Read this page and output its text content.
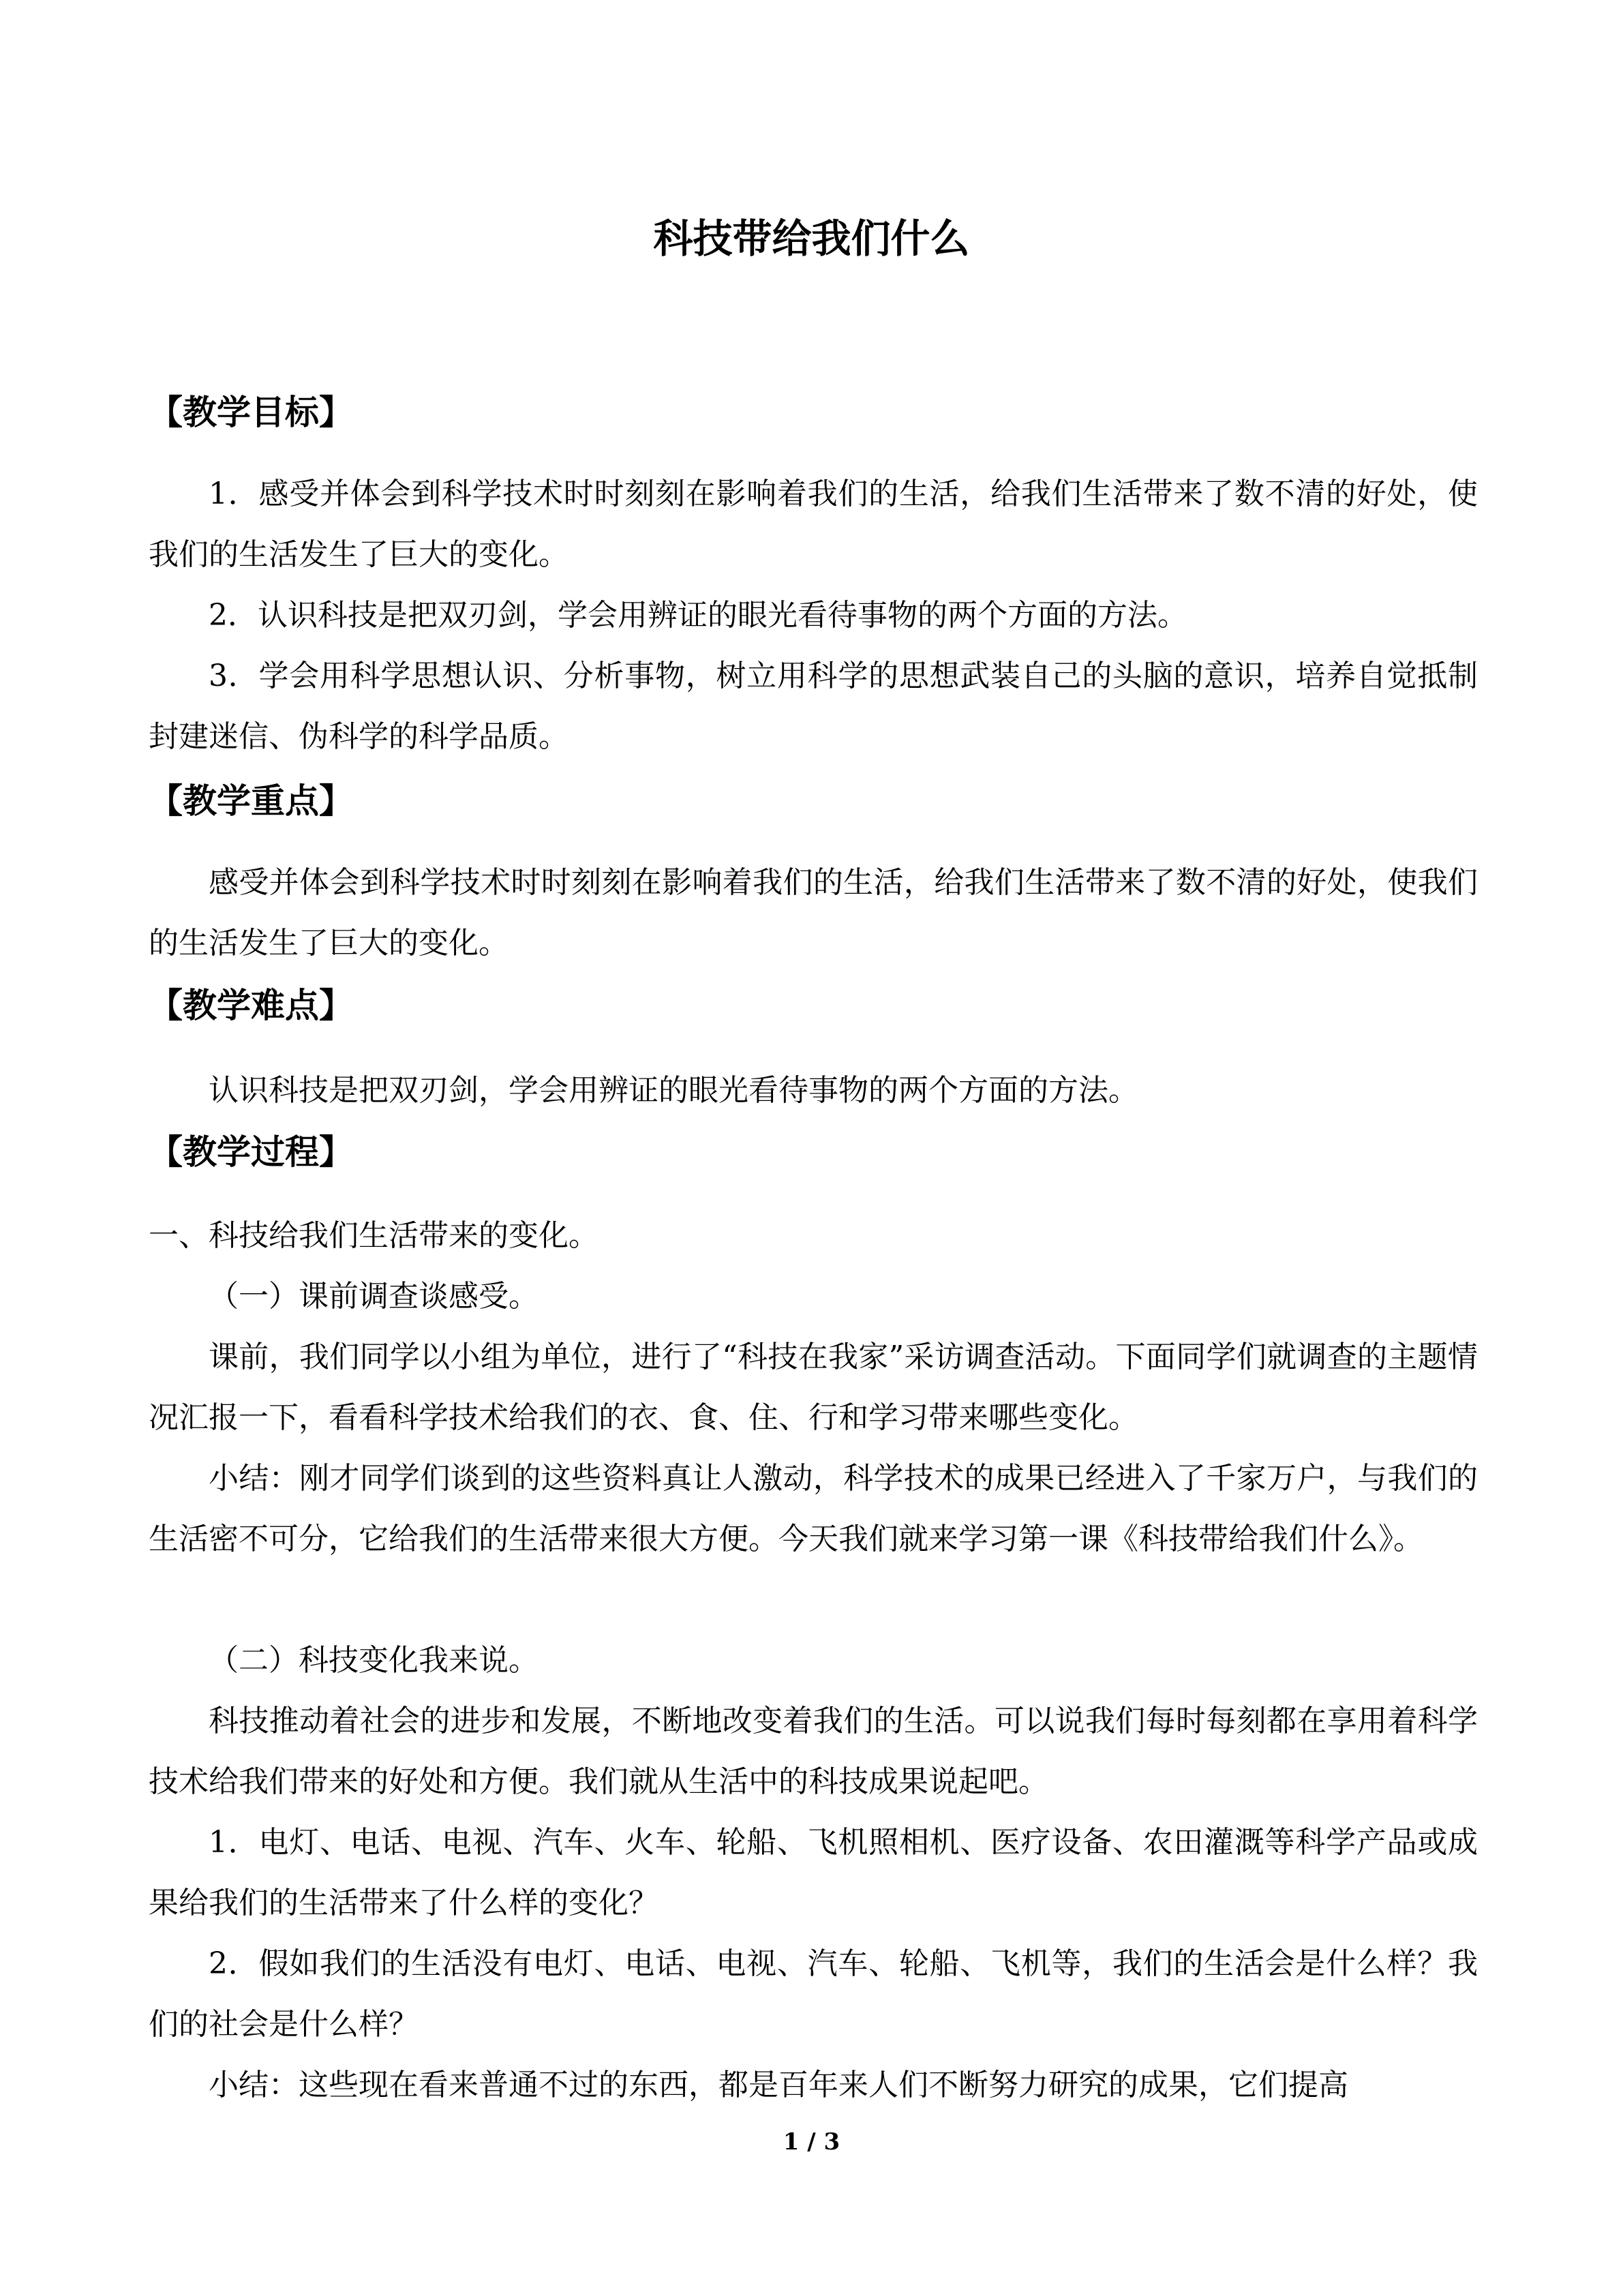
科技带给我们什么
【教学目标】

1．感受并体会到科学技术时时刻刻在影响着我们的生活，给我们生活带来了数不清的好处，使我们的生活发生了巨大的变化。

2．认识科技是把双刃剑，学会用辨证的眼光看待事物的两个方面的方法。

3．学会用科学思想认识、分析事物，树立用科学的思想武装自己的头脑的意识，培养自觉抵制封建迷信、伪科学的科学品质。

【教学重点】

感受并体会到科学技术时时刻刻在影响着我们的生活，给我们生活带来了数不清的好处，使我们的生活发生了巨大的变化。

【教学难点】

认识科技是把双刃剑，学会用辨证的眼光看待事物的两个方面的方法。

【教学过程】

一、科技给我们生活带来的变化。

（一）课前调查谈感受。

课前，我们同学以小组为单位，进行了“科技在我家”采访调查活动。下面同学们就调查的主题情况汇报一下，看看科学技术给我们的衣、食、住、行和学习带来哪些变化。

小结：刚才同学们谈到的这些资料真让人激动，科学技术的成果已经进入了千家万户，与我们的生活密不可分，它给我们的生活带来很大方便。今天我们就来学习第一课《科技带给我们什么》。

（二）科技变化我来说。

科技推动着社会的进步和发展，不断地改变着我们的生活。可以说我们每时每刻都在享用着科学技术给我们带来的好处和方便。我们就从生活中的科技成果说起吧。

1．电灯、电话、电视、汽车、火车、轮船、飞机照相机、医疗设备、农田灌溉等科学产品或成果给我们的生活带来了什么样的变化？

2．假如我们的生活没有电灯、电话、电视、汽车、轮船、飞机等，我们的生活会是什么样？我们的社会是什么样？

小结：这些现在看来普通不过的东西，都是百年来人们不断努力研究的成果，它们提高

1 / 3
